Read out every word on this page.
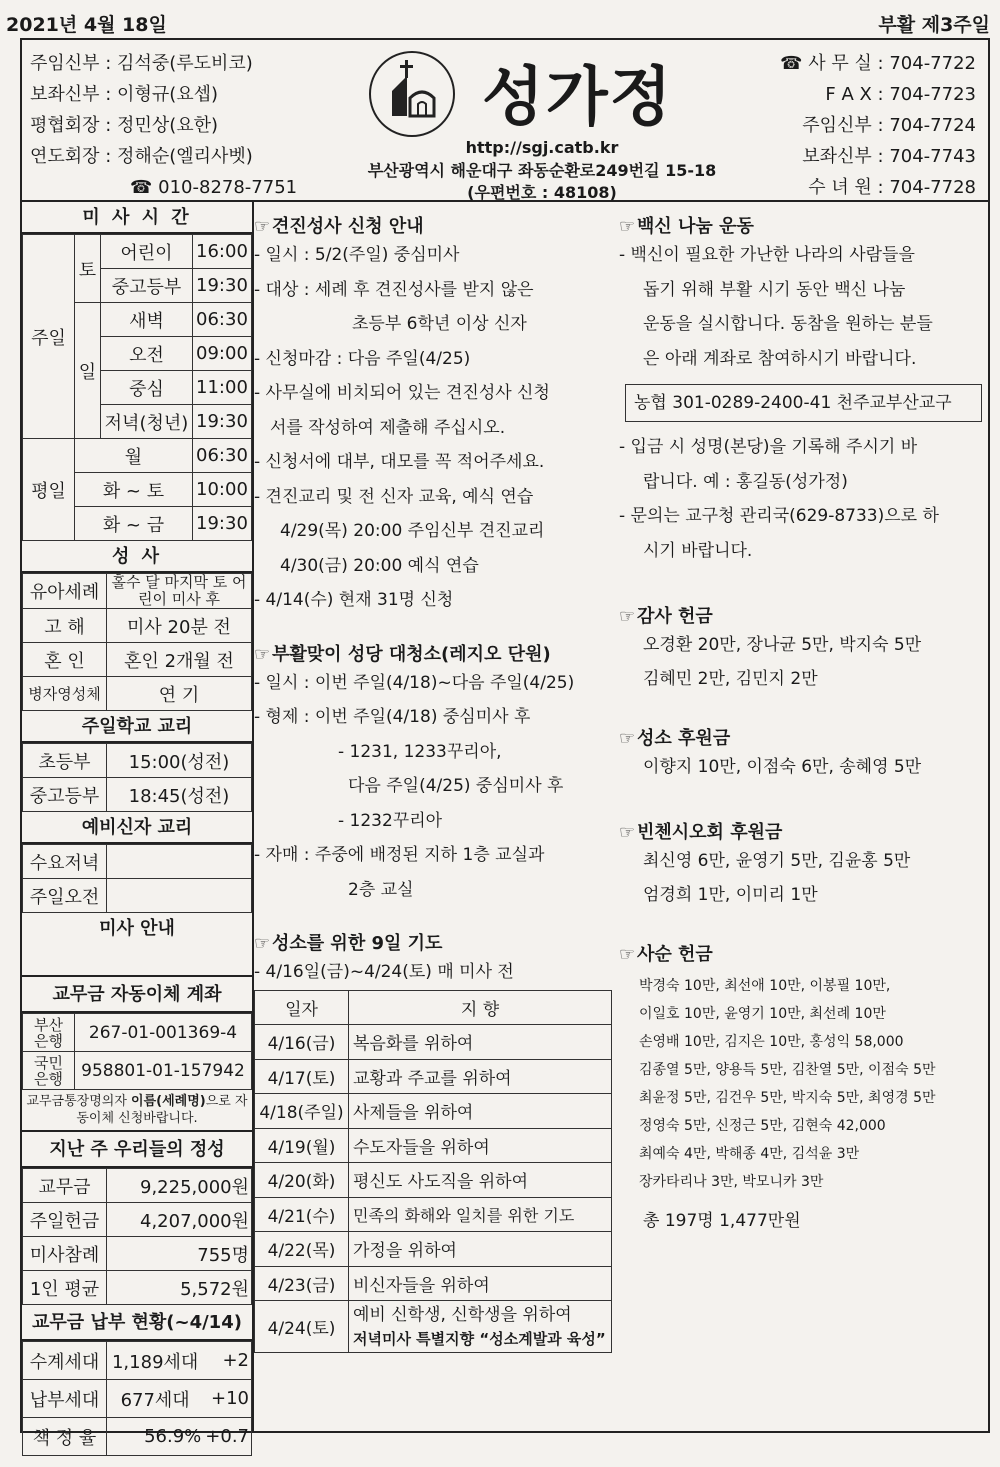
2021년 4월 18일	부활 제3주일
주임신부 : 김석중(루도비코)
보좌신부 : 이형규(요셉)
평협회장 : 정민상(요한)
연도회장 : 정해순(엘리사벳)
☎ 010-8278-7751
성가정
http://sgj.catb.kr
부산광역시 해운대구 좌동순환로249번길 15-18
(우편번호 : 48108)
☎ 사 무 실 : 704-7722
F A X : 704-7723
주임신부 : 704-7724
보좌신부 : 704-7743
수 녀 원 : 704-7728
미 사 시 간
주일	토	어린이	16:00
		중고등부	19:30
	일	새벽	06:30
		오전	09:00
		중심	11:00
		저녁(청년)	19:30
평일	월		06:30
	화 ~ 토		10:00
	화 ~ 금		19:30
성 사
유아세례	홀수 달 마지막 토 어린이 미사 후
고 해	미사 20분 전
혼 인	혼인 2개월 전
병자영성체	연 기
주일학교 교리
초등부	15:00(성전)
중고등부	18:45(성전)
예비신자 교리
수요저녁	
주일오전	
미사 안내
교무금 자동이체 계좌
부산 은행	267-01-001369-4
국민 은행	958801-01-157942
교무금통장명의자 이름(세례명)으로 자동이체 신청바랍니다.
지난 주 우리들의 정성
교무금	9,225,000원
주일헌금	4,207,000원
미사참례	755명
1인 평균	5,572원
교무금 납부 현황(~4/14)
수계세대	1,189세대	+2
납부세대	677세대	+10
책 정 율	56.9%	+0.7
☞ 견진성사 신청 안내
- 일시 : 5/2(주일) 중심미사
- 대상 : 세례 후 견진성사를 받지 않은
초등부 6학년 이상 신자
- 신청마감 : 다음 주일(4/25)
- 사무실에 비치되어 있는 견진성사 신청
서를 작성하여 제출해 주십시오.
- 신청서에 대부, 대모를 꼭 적어주세요.
- 견진교리 및 전 신자 교육, 예식 연습
4/29(목) 20:00 주임신부 견진교리
4/30(금) 20:00 예식 연습
- 4/14(수) 현재 31명 신청
☞ 부활맞이 성당 대청소(레지오 단원)
- 일시 : 이번 주일(4/18)~다음 주일(4/25)
- 형제 : 이번 주일(4/18) 중심미사 후
- 1231, 1233꾸리아,
다음 주일(4/25) 중심미사 후
- 1232꾸리아
- 자매 : 주중에 배정된 지하 1층 교실과
2층 교실
☞ 성소를 위한 9일 기도
- 4/16일(금)~4/24(토) 매 미사 전
일자	지 향
4/16(금)	복음화를 위하여
4/17(토)	교황과 주교를 위하여
4/18(주일)	사제들을 위하여
4/19(월)	수도자들을 위하여
4/20(화)	평신도 사도직을 위하여
4/21(수)	민족의 화해와 일치를 위한 기도
4/22(목)	가정을 위하여
4/23(금)	비신자들을 위하여
4/24(토)	예비 신학생, 신학생을 위하여
저녁미사 특별지향 “성소계발과 육성”
☞ 백신 나눔 운동
- 백신이 필요한 가난한 나라의 사람들을
돕기 위해 부활 시기 동안 백신 나눔
운동을 실시합니다. 동참을 원하는 분들
은 아래 계좌로 참여하시기 바랍니다.
농협 301-0289-2400-41 천주교부산교구
- 입금 시 성명(본당)을 기록해 주시기 바
랍니다. 예 : 홍길동(성가정)
- 문의는 교구청 관리국(629-8733)으로 하
시기 바랍니다.
☞ 감사 헌금
오경환 20만, 장나균 5만, 박지숙 5만
김혜민 2만, 김민지 2만
☞ 성소 후원금
이향지 10만, 이점숙 6만, 송혜영 5만
☞ 빈첸시오회 후원금
최신영 6만, 윤영기 5만, 김윤홍 5만
엄경희 1만, 이미리 1만
☞ 사순 헌금
박경숙 10만, 최선애 10만, 이봉필 10만,
이일호 10만, 윤영기 10만, 최선례 10만
손영배 10만, 김지은 10만, 홍성익 58,000
김종열 5만, 양용득 5만, 김찬열 5만, 이점숙 5만
최윤정 5만, 김건우 5만, 박지숙 5만, 최영경 5만
정영숙 5만, 신정근 5만, 김현숙 42,000
최예숙 4만, 박해종 4만, 김석윤 3만
장카타리나 3만, 박모니카 3만
총 197명 1,477만원
